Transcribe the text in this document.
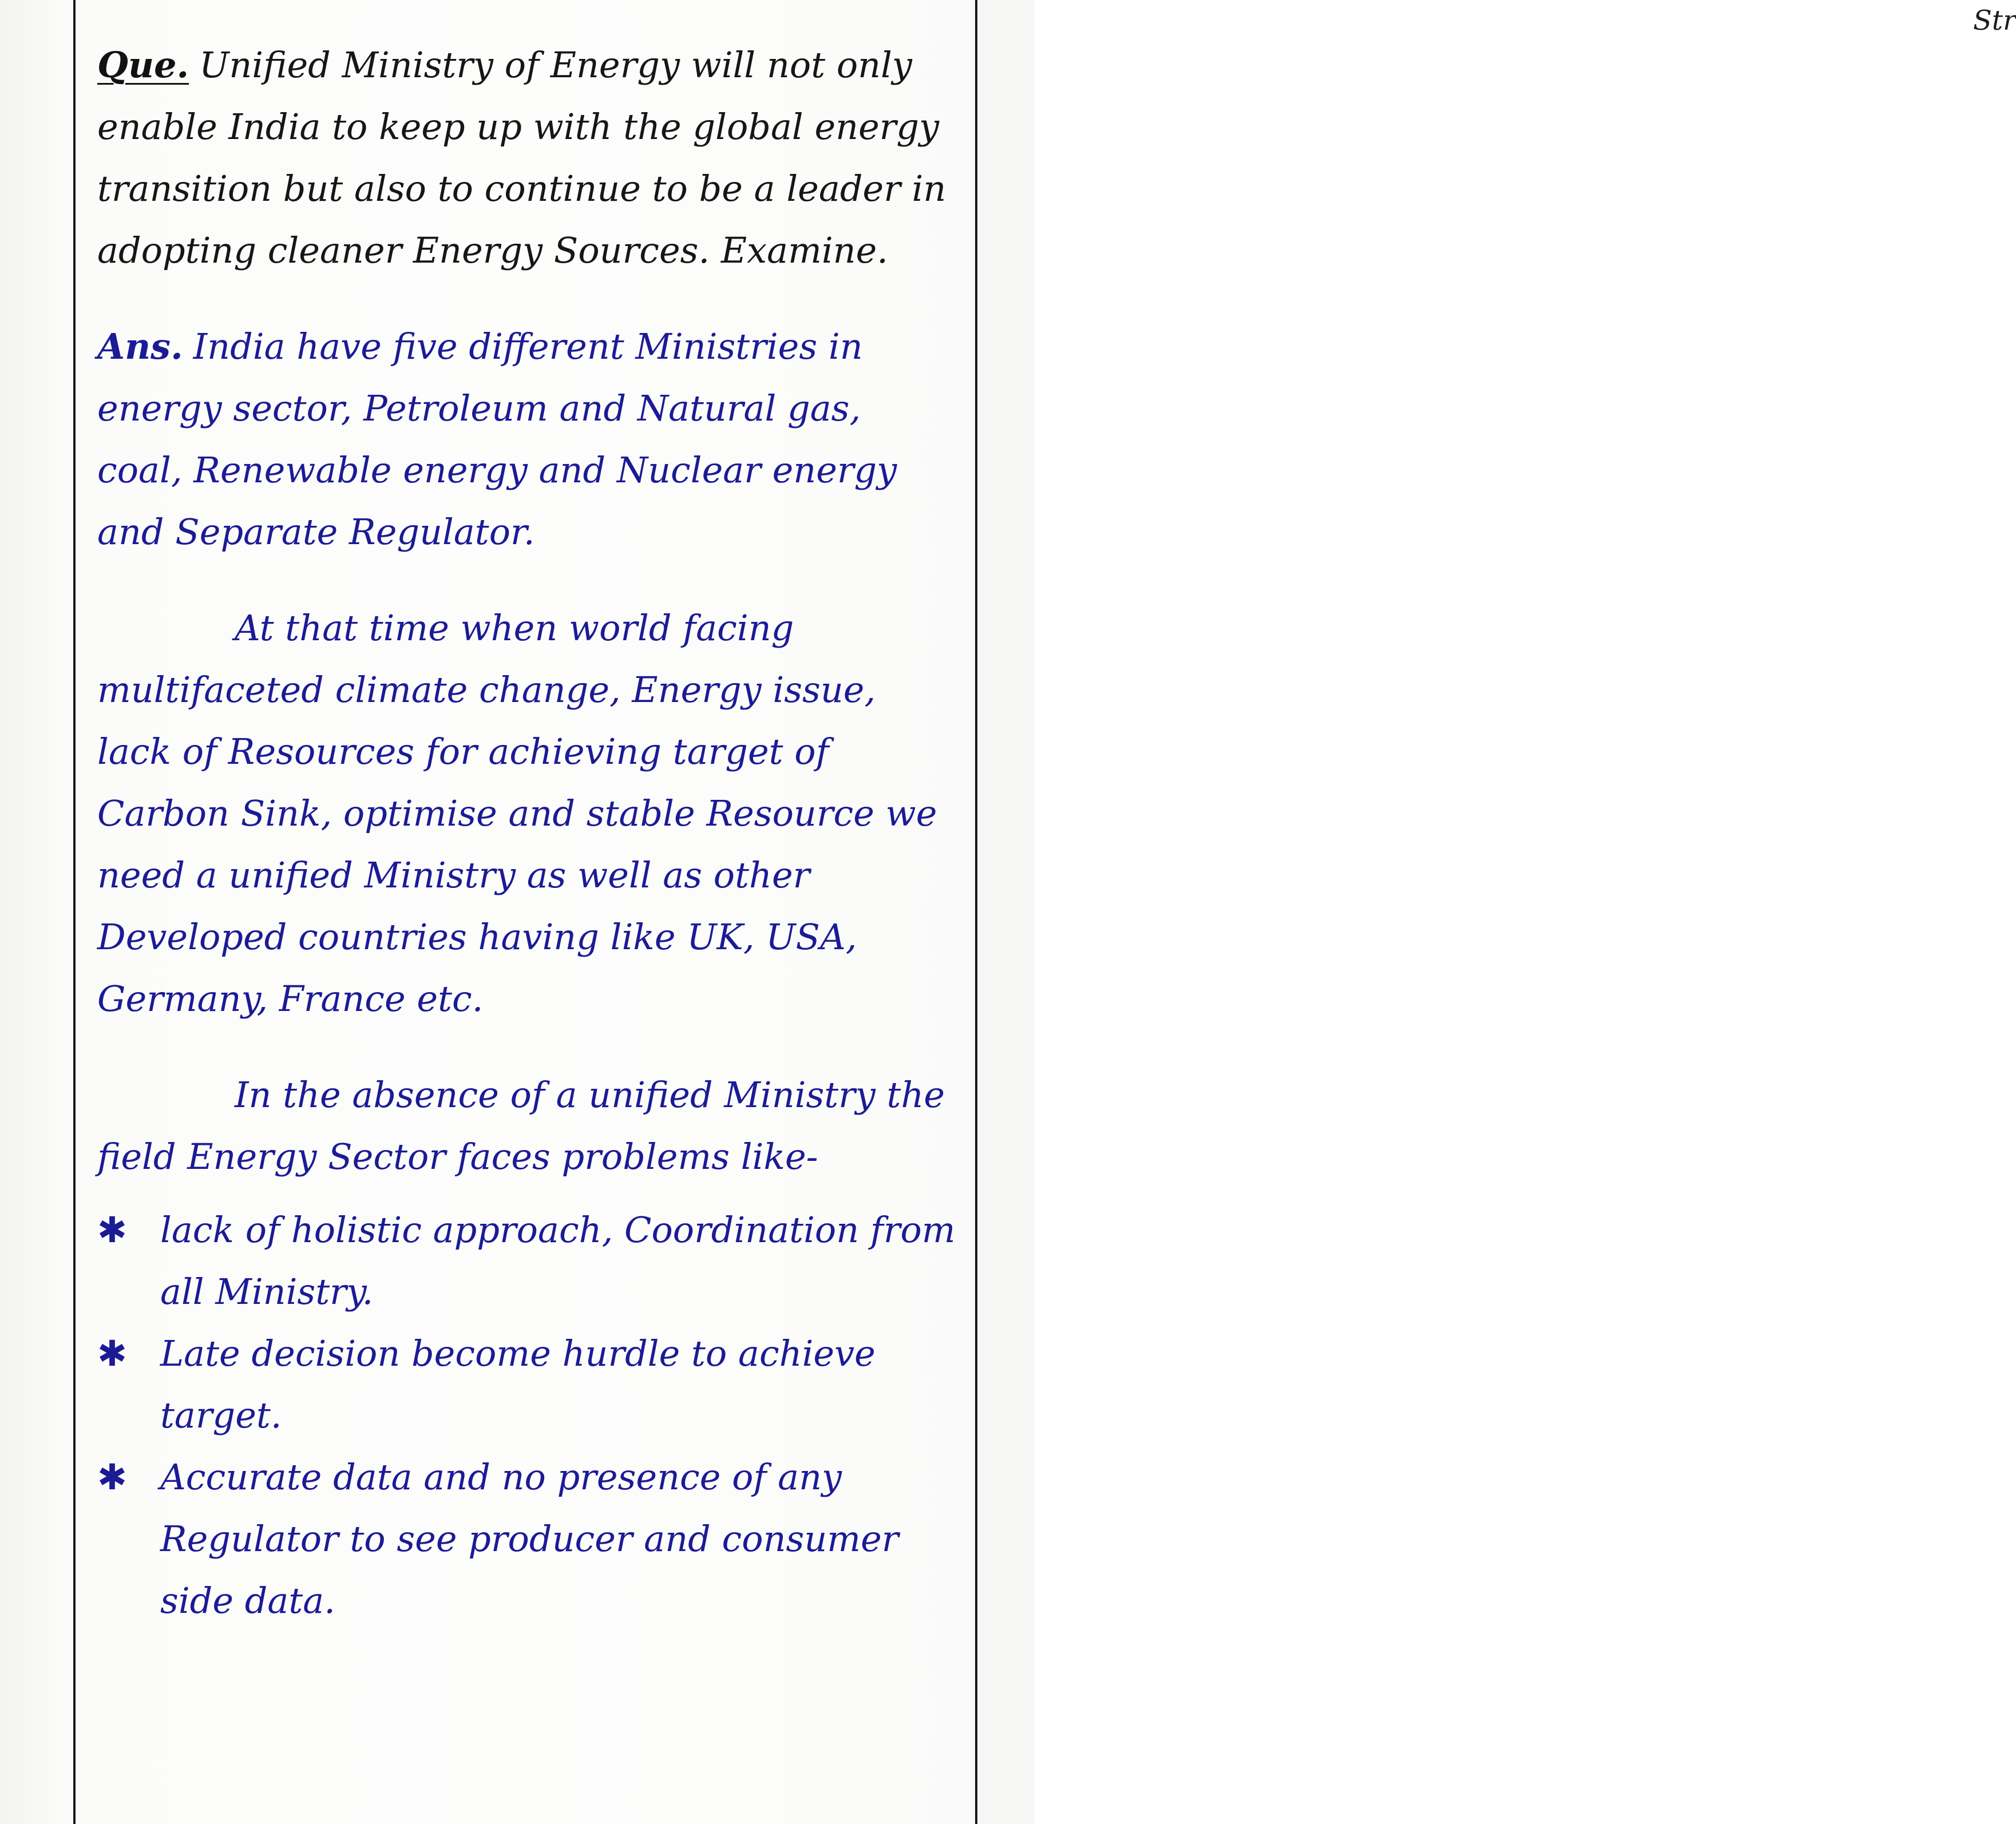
Str

Que. Unified Ministry of Energy will not only enable India to keep up with the global energy transition but also to continue to be a leader in adopting cleaner Energy Sources. Examine.

Ans. India have five different Ministries in energy sector, Petroleum and Natural gas, coal, Renewable energy and Nuclear energy and Separate Regulator.

At that time when world facing multifaceted climate change, Energy issue, lack of Resources for achieving target of Carbon Sink, optimise and stable Resource we need a unified Ministry as well as other Developed countries having like UK, USA, Germany, France etc.

In the absence of a unified Ministry the field Energy Sector faces problems like-

✱ lack of holistic approach, Coordination from all Ministry.
✱ Late decision become hurdle to achieve target.
✱ Accurate data and no presence of any Regulator to see producer and consumer side data.
